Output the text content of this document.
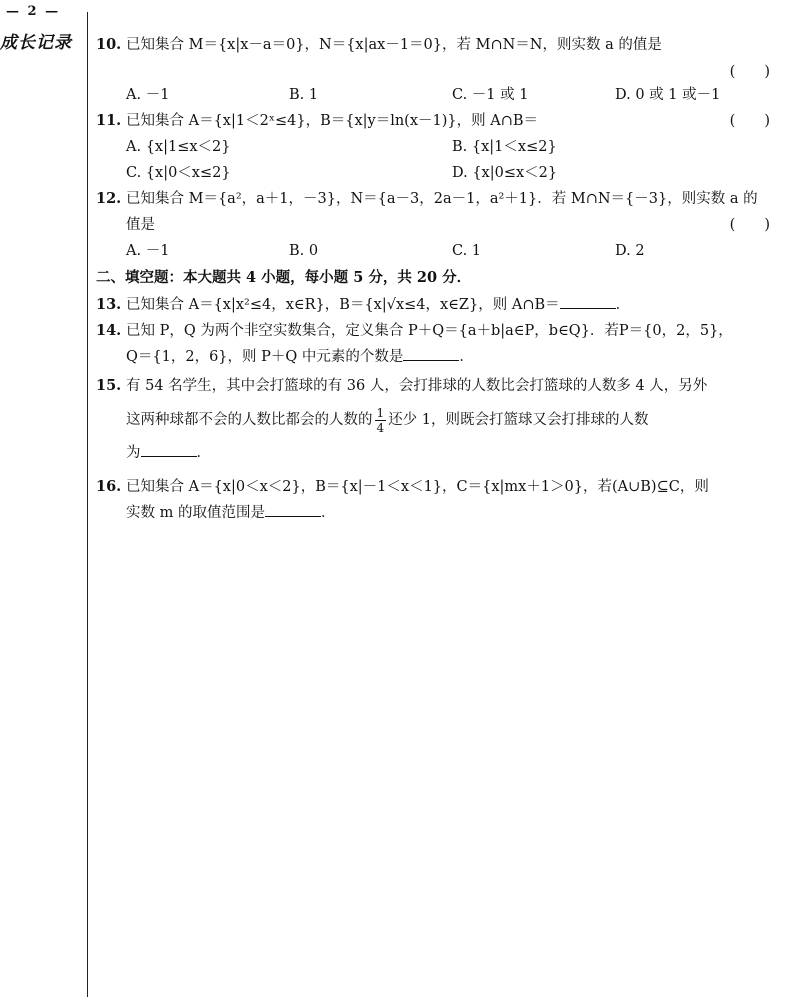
— 2 —
成长记录 10. 已知集合 M＝{x|x－a＝0}，N＝{x|ax－1＝0}，若 M∩N＝N，则实数 a 的值是
(　　)
A. －1	B. 1	C. －1 或 1	D. 0 或 1 或－1
11. 已知集合 A＝{x|1＜2ˣ≤4}，B＝{x|y＝ln(x－1)}，则 A∩B＝	(　　)
A. {x|1≤x＜2}	B. {x|1＜x≤2}
C. {x|0＜x≤2}	D. {x|0≤x＜2}
12. 已知集合 M＝{a²，a＋1，－3}，N＝{a－3，2a－1，a²＋1}．若 M∩N＝{－3}，则实数 a 的
值是	(　　)
A. －1	B. 0	C. 1	D. 2
二、填空题：本大题共 4 小题，每小题 5 分，共 20 分．
13. 已知集合 A＝{x|x²≤4，x∈R}，B＝{x|√x≤4，x∈Z}，则 A∩B＝	．
14. 已知 P，Q 为两个非空实数集合，定义集合 P＋Q＝{a＋b|a∈P，b∈Q}．若P＝{0，2，5}，
Q＝{1，2，6}，则 P＋Q 中元素的个数是	．
15. 有 54 名学生，其中会打篮球的有 36 人，会打排球的人数比会打篮球的人数多 4 人，另外
这两种球都不会的人数比都会的人数的 $\frac{1}{4}$ 还少 1，则既会打篮球又会打排球的人数
为	．
16. 已知集合 A＝{x|0＜x＜2}，B＝{x|－1＜x＜1}，C＝{x|mx＋1＞0}，若(A∪B)⊆C，则
实数 m 的取值范围是	．
